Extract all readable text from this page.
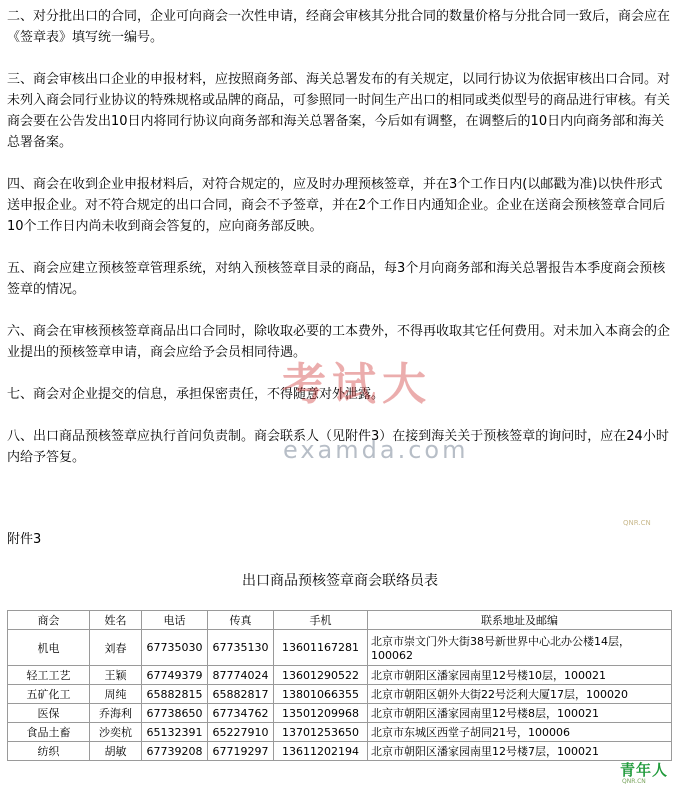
二、对分批出口的合同，企业可向商会一次性申请，经商会审核其分批合同的数量价格与分批合同一致后，商会应在《签章表》填写统一编号。

三、商会审核出口企业的申报材料，应按照商务部、海关总署发布的有关规定，以同行协议为依据审核出口合同。对未列入商会同行业协议的特殊规格或品牌的商品，可参照同一时间生产出口的相同或类似型号的商品进行审核。有关商会要在公告发出10日内将同行协议向商务部和海关总署备案，今后如有调整，在调整后的10日内向商务部和海关总署备案。

四、商会在收到企业申报材料后，对符合规定的，应及时办理预核签章，并在3个工作日内(以邮戳为准)以快件形式送申报企业。对不符合规定的出口合同，商会不予签章，并在2个工作日内通知企业。企业在送商会预核签章合同后10个工作日内尚未收到商会答复的，应向商务部反映。

五、商会应建立预核签章管理系统，对纳入预核签章目录的商品，每3个月向商务部和海关总署报告本季度商会预核签章的情况。

六、商会在审核预核签章商品出口合同时，除收取必要的工本费外，不得再收取其它任何费用。对未加入本商会的企业提出的预核签章申请，商会应给予会员相同待遇。

七、商会对企业提交的信息，承担保密责任，不得随意对外泄露。

八、出口商品预核签章应执行首问负责制。商会联系人（见附件3）在接到海关关于预核签章的询问时，应在24小时内给予答复。

考试大
examda.com
QNR.CN

附件3

出口商品预核签章商会联络员表

商会	姓名	电话	传真	手机	联系地址及邮编
机电	刘春	67735030	67735130	13601167281	北京市崇文门外大街38号新世界中心北办公楼14层，100062
轻工工艺	王颖	67749379	87774024	13601290522	北京市朝阳区潘家园南里12号楼10层，100021
五矿化工	周纯	65882815	65882817	13801066355	北京市朝阳区朝外大街22号泛利大厦17层，100020
医保	乔海利	67738650	67734762	13501209968	北京市朝阳区潘家园南里12号楼8层，100021
食品土畜	沙奕杭	65132391	65227910	13701253650	北京市东城区西堂子胡同21号，100006
纺织	胡敏	67739208	67719297	13611202194	北京市朝阳区潘家园南里12号楼7层，100021
青年人
QNR.CN
